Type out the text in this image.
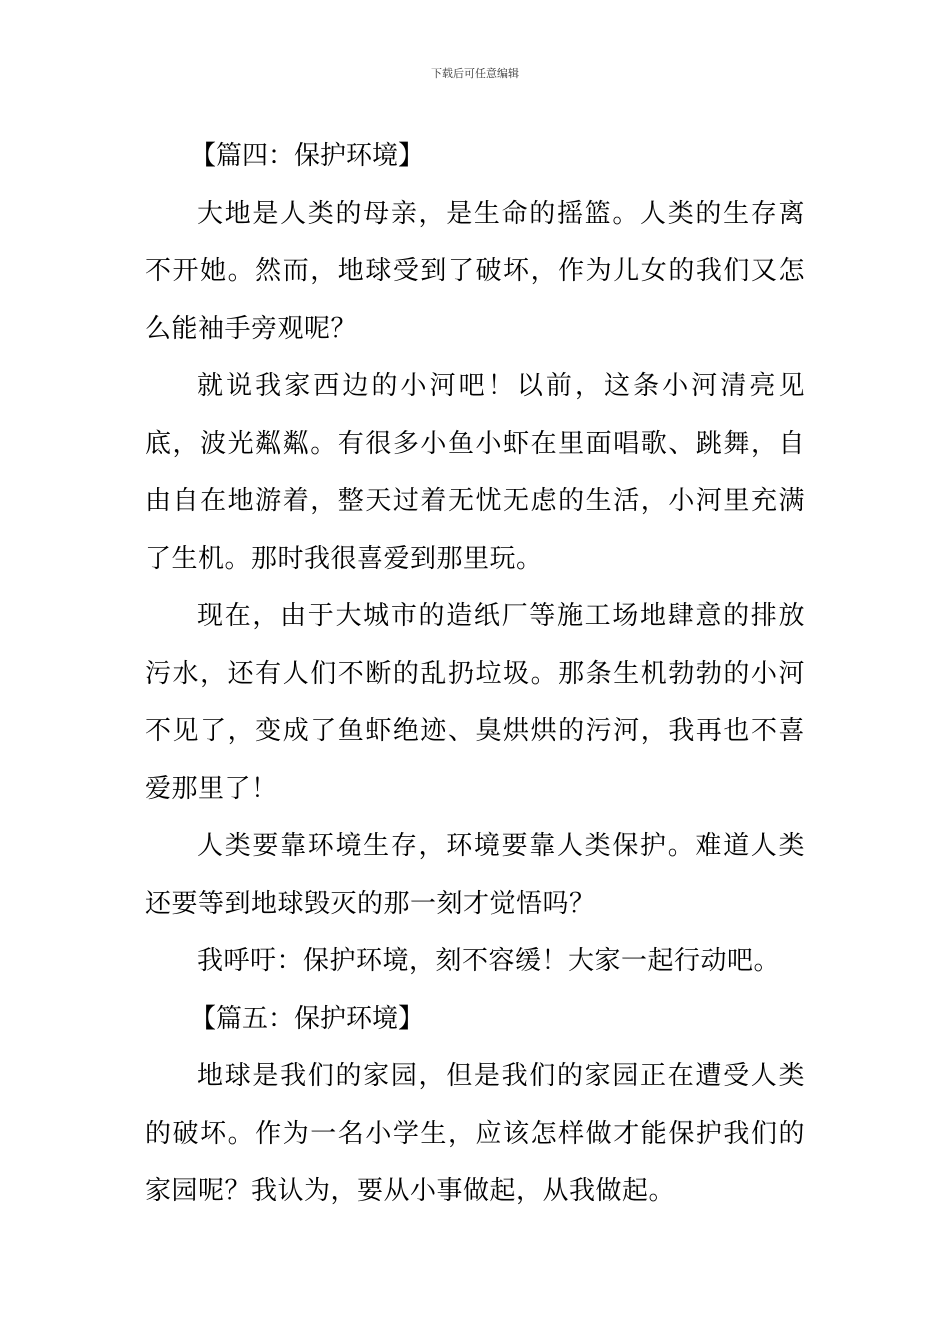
下载后可任意编辑

【篇四：保护环境】

大地是人类的母亲，是生命的摇篮。人类的生存离不开她。然而，地球受到了破坏，作为儿女的我们又怎么能袖手旁观呢？

就说我家西边的小河吧！以前，这条小河清亮见底，波光粼粼。有很多小鱼小虾在里面唱歌、跳舞，自由自在地游着，整天过着无忧无虑的生活，小河里充满了生机。那时我很喜爱到那里玩。

现在，由于大城市的造纸厂等施工场地肆意的排放污水，还有人们不断的乱扔垃圾。那条生机勃勃的小河不见了，变成了鱼虾绝迹、臭烘烘的污河，我再也不喜爱那里了！

人类要靠环境生存，环境要靠人类保护。难道人类还要等到地球毁灭的那一刻才觉悟吗？

我呼吁：保护环境，刻不容缓！大家一起行动吧。

【篇五：保护环境】

地球是我们的家园，但是我们的家园正在遭受人类的破坏。作为一名小学生，应该怎样做才能保护我们的家园呢？我认为，要从小事做起，从我做起。
